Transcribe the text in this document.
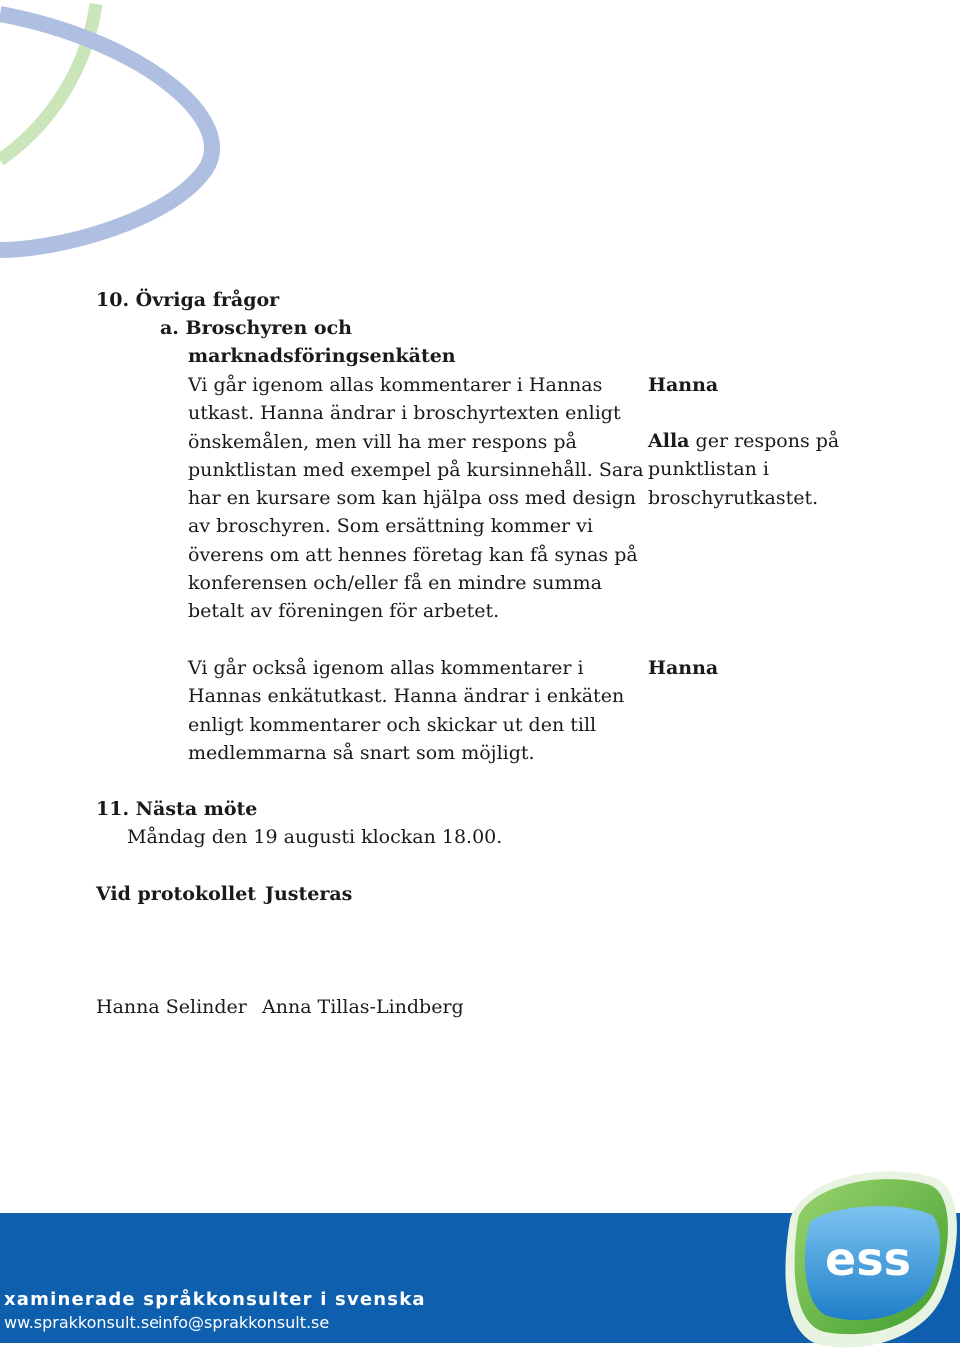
10. Övriga frågor
a. Broschyren och
marknadsföringsenkäten
Vi går igenom allas kommentarer i Hannas
utkast. Hanna ändrar i broschyrtexten enligt
önskemålen, men vill ha mer respons på
punktlistan med exempel på kursinnehåll. Sara
har en kursare som kan hjälpa oss med design
av broschyren. Som ersättning kommer vi
överens om att hennes företag kan få synas på
konferensen och/eller få en mindre summa
betalt av föreningen för arbetet.
Hanna
Alla ger respons på
punktlistan i
broschyrutkastet.
Vi går också igenom allas kommentarer i
Hannas enkätutkast. Hanna ändrar i enkäten
enligt kommentarer och skickar ut den till
medlemmarna så snart som möjligt.
Hanna
11. Nästa möte
Måndag den 19 augusti klockan 18.00.
Vid protokollet Justeras
Hanna Selinder Anna Tillas-Lindberg
xaminerade språkkonsulter i svenska
ww.sprakkonsult.se
info@sprakkonsult.se
ess
